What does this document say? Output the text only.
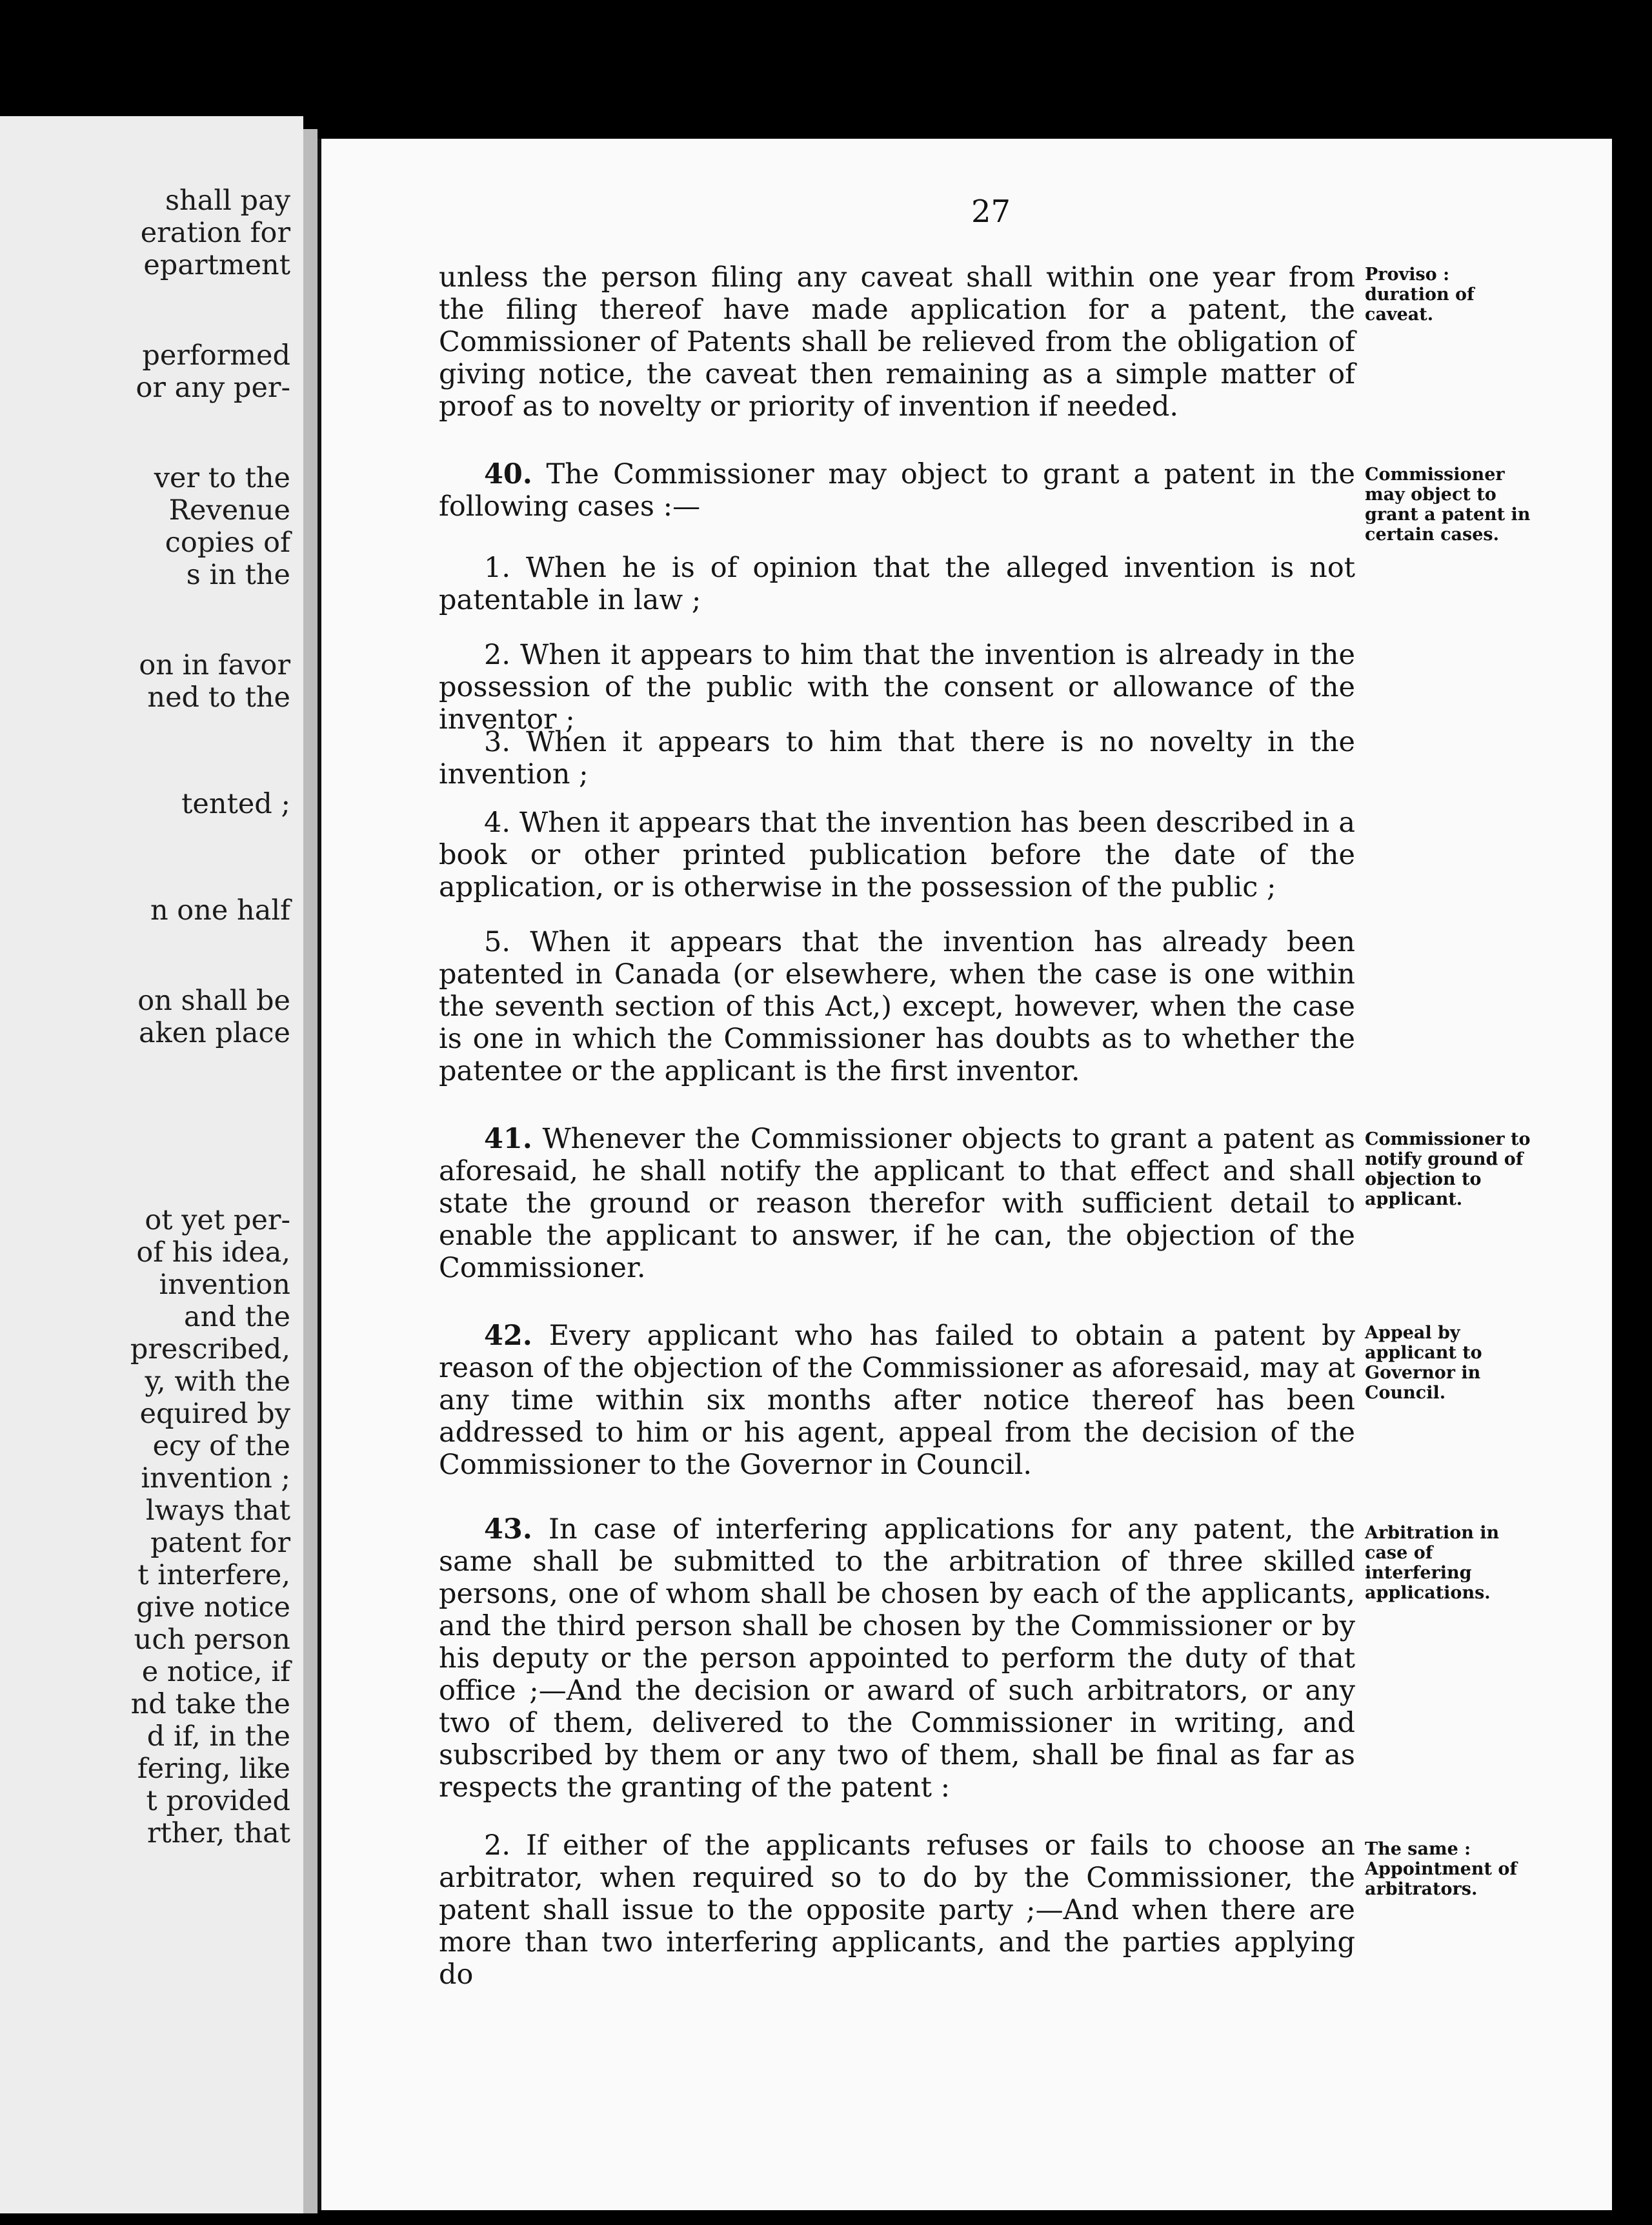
shall pay
eration for
epartment
performed
or any per-
ver to the
Revenue
copies of
s in the
on in favor
ned to the
tented ;
n one half
on shall be
aken place
ot yet per-
of his idea,
invention
and the
prescribed,
y, with the
equired by
ecy of the
invention ;
lways that
patent for
t interfere,
give notice
uch person
e notice, if
nd take the
d if, in the
fering, like
t provided
rther, that
27

unless the person filing any caveat shall within one year from the filing thereof have made application for a patent, the Commissioner of Patents shall be relieved from the obligation of giving notice, the caveat then remaining as a simple matter of proof as to novelty or priority of invention if needed.

40. The Commissioner may object to grant a patent in the following cases :—

1. When he is of opinion that the alleged invention is not patentable in law ;

2. When it appears to him that the invention is already in the possession of the public with the consent or allowance of the inventor ;

3. When it appears to him that there is no novelty in the invention ;

4. When it appears that the invention has been described in a book or other printed publication before the date of the application, or is otherwise in the possession of the public ;

5. When it appears that the invention has already been patented in Canada (or elsewhere, when the case is one within the seventh section of this Act,) except, however, when the case is one in which the Commissioner has doubts as to whether the patentee or the applicant is the first inventor.

41. Whenever the Commissioner objects to grant a patent as aforesaid, he shall notify the applicant to that effect and shall state the ground or reason therefor with sufficient detail to enable the applicant to answer, if he can, the objection of the Commissioner.

42. Every applicant who has failed to obtain a patent by reason of the objection of the Commissioner as aforesaid, may at any time within six months after notice thereof has been addressed to him or his agent, appeal from the decision of the Commissioner to the Governor in Council.

43. In case of interfering applications for any patent, the same shall be submitted to the arbitration of three skilled persons, one of whom shall be chosen by each of the applicants, and the third person shall be chosen by the Commissioner or by his deputy or the person appointed to perform the duty of that office ;—And the decision or award of such arbitrators, or any two of them, delivered to the Commissioner in writing, and subscribed by them or any two of them, shall be final as far as respects the granting of the patent :

2. If either of the applicants refuses or fails to choose an arbitrator, when required so to do by the Commissioner, the patent shall issue to the opposite party ;—And when there are more than two interfering applicants, and the parties applying do

Proviso : duration of caveat.
Commissioner may object to grant a patent in certain cases.
Commissioner to notify ground of objection to applicant.
Appeal by applicant to Governor in Council.
Arbitration in case of interfering applications.
The same : Appointment of arbitrators.
